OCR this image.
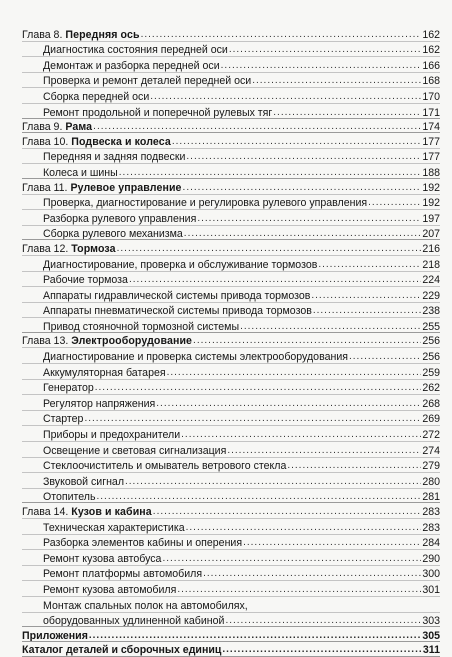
Глава 8. Передняя ось .....	162
Диагностика состояния передней оси .....	162
Демонтаж и разборка передней оси .....	166
Проверка и ремонт деталей передней оси .....	168
Сборка передней оси .....	170
Ремонт продольной и поперечной рулевых тяг .....	171
Глава 9. Рама .....	174
Глава 10. Подвеска и колеса .....	177
Передняя и задняя подвески .....	177
Колеса и шины .....	188
Глава 11. Рулевое управление .....	192
Проверка, диагностирование и регулировка рулевого управления .....	192
Разборка рулевого управления .....	197
Сборка рулевого механизма .....	207
Глава 12. Тормоза .....	216
Диагностирование, проверка и обслуживание тормозов .....	218
Рабочие тормоза .....	224
Аппараты гидравлической системы привода тормозов .....	229
Аппараты пневматической системы привода тормозов .....	238
Привод стояночной тормозной системы .....	255
Глава 13. Электрооборудование .....	256
Диагностирование и проверка системы электрооборудования .....	256
Аккумуляторная батарея .....	259
Генератор .....	262
Регулятор напряжения .....	268
Стартер .....	269
Приборы и предохранители .....	272
Освещение и световая сигнализация .....	274
Стеклоочиститель и омыватель ветрового стекла .....	279
Звуковой сигнал .....	280
Отопитель .....	281
Глава 14. Кузов и кабина .....	283
Техническая характеристика .....	283
Разборка элементов кабины и оперения .....	284
Ремонт кузова автобуса .....	290
Ремонт платформы автомобиля .....	300
Ремонт кузова автомобиля .....	301
Монтаж спальных полок на автомобилях,
оборудованных удлиненной кабиной .....	303
Приложения .....	305
Каталог деталей и сборочных единиц .....	311
